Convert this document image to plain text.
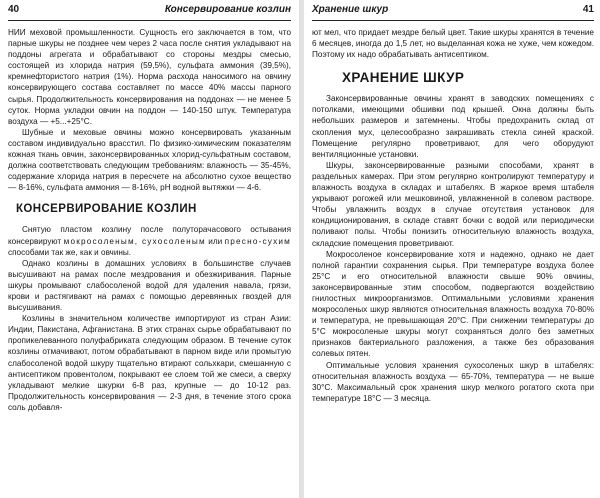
40	Консервирование козлин

НИИ меховой промышленности. Сущность его заключается в том, что парные шкуры не позднее чем через 2 часа после снятия укладывают на поддоны агрегата и обрабатывают со стороны мездры смесью, состоящей из хлорида натрия (59,5%), сульфата аммония (39,5%), кремнефтористого натрия (1%). Норма расхода наносимого на овчину консервирующего состава составляет по массе 40% массы парного сырья. Продолжительность консервирования на поддонах — не менее 5 суток. Норма укладки овчин на поддон — 140-150 штук. Температура воздуха — +5...+25°С.

Шубные и меховые овчины можно консервировать указанным составом индивидуально врасстил. По физико-химическим показателям кожная ткань овчин, законсервированных хлорид-сульфатным составом, должна соответствовать следующим требованиям: влажность — 35-45%, содержание хлорида натрия в пересчете на абсолютно сухое вещество — 8-16%, сульфата аммония — 8-16%, pH водной вытяжки — 4-6.

КОНСЕРВИРОВАНИЕ КОЗЛИН

Снятую пластом козлину после полуторачасового остывания консервируют мокросоленым, сухосоленым или пресно-сухим способами так же, как и овчины.

Однако козлины в домашних условиях в большинстве случаев высушивают на рамах после мездрования и обезжиривания. Парные шкуры промывают слабосоленой водой для удаления навала, грязи, крови и растягивают на рамах с помощью деревянных гвоздей для высушивания.

Козлины в значительном количестве импортируют из стран Азии: Индии, Пакистана, Афганистана. В этих странах сырье обрабатывают по пропикелеванного полуфабриката следующим образом. В течение суток козлины отмачивают, потом обрабатывают в парном виде или промытую слабосоленой водой шкуру тщательно втирают сольхкари, смешанную с антисептиком провентолом, покрывают ее слоем той же смеси, а сверху укладывают мелкие шкурки 6-8 раз, крупные — до 10-12 раз. Продолжительность консервирования — 2-3 дня, в течение этого срока соль добавля-

Хранение шкур	41

ют мел, что придает мездре белый цвет. Такие шкуры хранятся в течение 6 месяцев, иногда до 1,5 лет, но выделанная кожа не хуже, чем кожедом. Поэтому их надо обрабатывать антисептиком.

ХРАНЕНИЕ ШКУР

Законсервированные овчины хранят в заводских помещениях с потолками, имеющими обшивки под крышей. Окна должны быть небольших размеров и затемнены. Чтобы предохранить склад от скопления мух, целесообразно закрашивать стекла синей краской. Помещение регулярно проветривают, для чего оборудуют вентиляционные установки.

Шкуры, законсервированные разными способами, хранят в раздельных камерах. При этом регулярно контролируют температуру и влажность воздуха в складах и штабелях. В жаркое время штабеля укрывают рогожей или мешковиной, увлажненной в солевом растворе. Чтобы увлажнить воздух в случае отсутствия установок для кондиционирования, в складе ставят бочки с водой или периодически поливают полы. Чтобы понизить относительную влажность воздуха, складские помещения проветривают.

Мокросоленое консервирование хотя и надежно, однако не дает полной гарантии сохранения сырья. При температуре воздуха более 25°С и его относительной влажности свыше 90% овчины, законсервированные этим способом, подвергаются воздействию гнилостных микроорганизмов. Оптимальными условиями хранения мокросоленых шкур являются относительная влажность воздуха 70-80% и температура, не превышающая 20°С. При снижении температуры до 5°С мокросоленые шкуры могут сохраняться долго без заметных признаков бактериального разложения, а также без образования солевых пятен.

Оптимальные условия хранения сухосоленых шкур в штабелях: относительная влажность воздуха — 65-70%, температура — не выше 30°С. Максимальный срок хранения шкур мелкого рогатого скота при температуре 18°С — 3 месяца.
